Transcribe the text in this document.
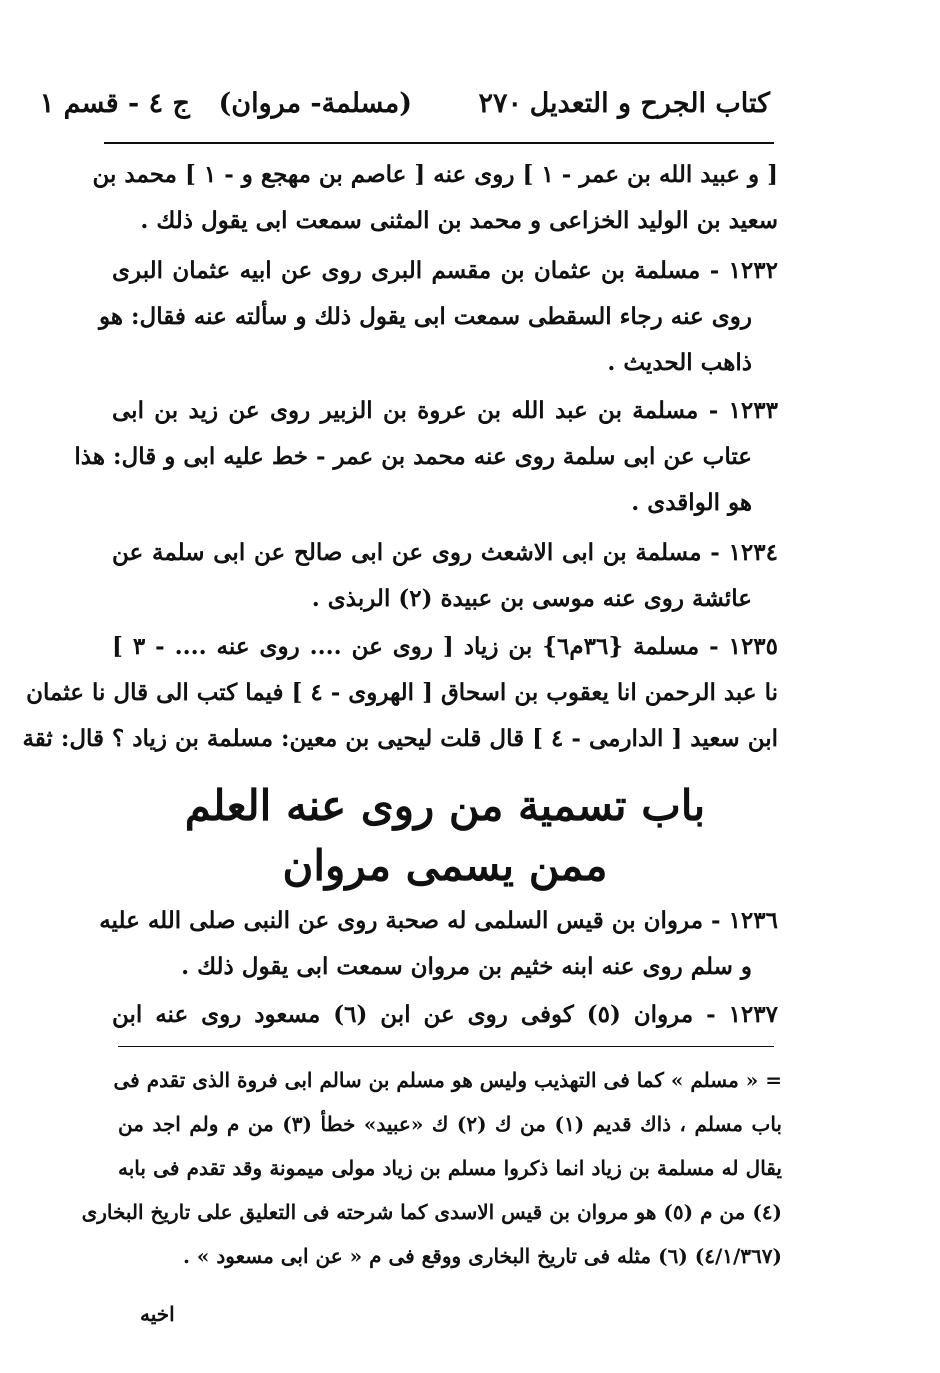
كتاب الجرح و التعديل
٢٧٠
(مسلمة- مروان)
ج ٤ - قسم ١
[ و عبيد الله بن عمر - ١ ] روى عنه [ عاصم بن مهجع و - ١ ] محمد بن
سعيد بن الوليد الخزاعى و محمد بن المثنى سمعت ابى يقول ذلك .
١٢٣٢ - مسلمة بن عثمان بن مقسم البرى روى عن ابيه عثمان البرى
روى عنه رجاء السقطى سمعت ابى يقول ذلك و سألته عنه فقال: هو
ذاهب الحديث .
١٢٣٣ - مسلمة بن عبد الله بن عروة بن الزبير روى عن زيد بن ابى
عتاب عن ابى سلمة روى عنه محمد بن عمر - خط عليه ابى و قال: هذا
هو الواقدى .
١٢٣٤ - مسلمة بن ابى الاشعث روى عن ابى صالح عن ابى سلمة عن
عائشة روى عنه موسى بن عبيدة (٢) الربذى .
١٢٣٥ - مسلمة {٣٦م٦} بن زياد [ روى عن .... روى عنه .... - ٣ ]
نا عبد الرحمن انا يعقوب بن اسحاق [ الهروى - ٤ ] فيما كتب الى قال نا عثمان
ابن سعيد [ الدارمى - ٤ ] قال قلت ليحيى بن معين: مسلمة بن زياد ؟ قال: ثقة
باب تسمية من روى عنه العلم
ممن يسمى مروان
١٢٣٦ - مروان بن قيس السلمى له صحبة روى عن النبى صلى الله عليه
و سلم روى عنه ابنه خثيم بن مروان سمعت ابى يقول ذلك .
١٢٣٧ - مروان (٥) كوفى روى عن ابن (٦) مسعود روى عنه ابن
= « مسلم » كما فى التهذيب وليس هو مسلم بن سالم ابى فروة الذى تقدم فى
باب مسلم ، ذاك قديم (١) من ك (٢) ك «عبيد» خطأ (٣) من م ولم اجد من
يقال له مسلمة بن زياد انما ذكروا مسلم بن زياد مولى ميمونة وقد تقدم فى بابه
(٤) من م (٥) هو مروان بن قيس الاسدى كما شرحته فى التعليق على تاريخ البخارى
(٤/١/٣٦٧) (٦) مثله فى تاريخ البخارى ووقع فى م « عن ابى مسعود » .
اخيه
